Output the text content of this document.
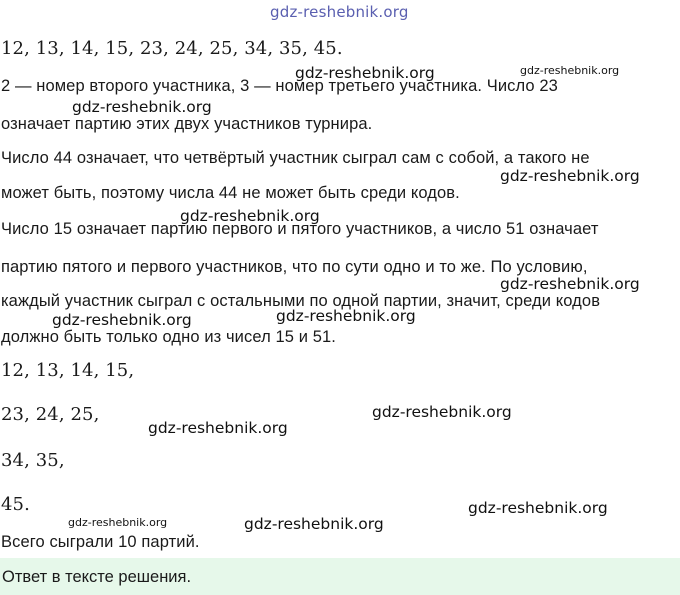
gdz-reshebnik.org
12, 13, 14, 15, 23, 24, 25, 34, 35, 45.
2 — номер второго участника, 3 — номер третьего участника. Число 23
означает партию этих двух участников турнира.
Число 44 означает, что четвёртый участник сыграл сам с собой, а такого не
может быть, поэтому числа 44 не может быть среди кодов.
Число 15 означает партию первого и пятого участников, а число 51 означает
партию пятого и первого участников, что по сути одно и то же. По условию,
каждый участник сыграл с остальными по одной партии, значит, среди кодов
должно быть только одно из чисел 15 и 51.
12, 13, 14, 15,
23, 24, 25,
34, 35,
45.
Всего сыграли 10 партий.
Ответ в тексте решения.
gdz-reshebnik.org	gdz-reshebnik.org
gdz-reshebnik.org
gdz-reshebnik.org
gdz-reshebnik.org
gdz-reshebnik.org
gdz-reshebnik.org	gdz-reshebnik.org
gdz-reshebnik.org
gdz-reshebnik.org
gdz-reshebnik.org
gdz-reshebnik.org	gdz-reshebnik.org
